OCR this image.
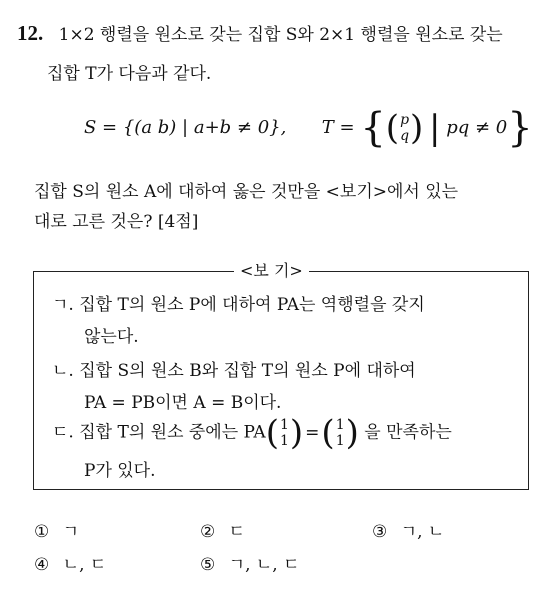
12. 1×2 행렬을 원소로 갖는 집합 S와 2×1 행렬을 원소로 갖는
집합 T가 다음과 같다.
S = {(a b) | a+b ≠ 0}, T = {( p
q ) | pq ≠ 0}
집합 S의 원소 A에 대하여 옳은 것만을 <보기>에서 있는
대로 고른 것은? [4점]
<보 기>
ㄱ. 집합 T의 원소 P에 대하여 PA는 역행렬을 갖지
않는다.
ㄴ. 집합 S의 원소 B와 집합 T의 원소 P에 대하여
PA = PB이면 A = B이다.
ㄷ. 집합 T의 원소 중에는 PA( 1
1 ) =( 1
1 ) 을 만족하는
P가 있다.
① ㄱ	② ㄷ	③ ㄱ, ㄴ
④ ㄴ, ㄷ	⑤ ㄱ, ㄴ, ㄷ
